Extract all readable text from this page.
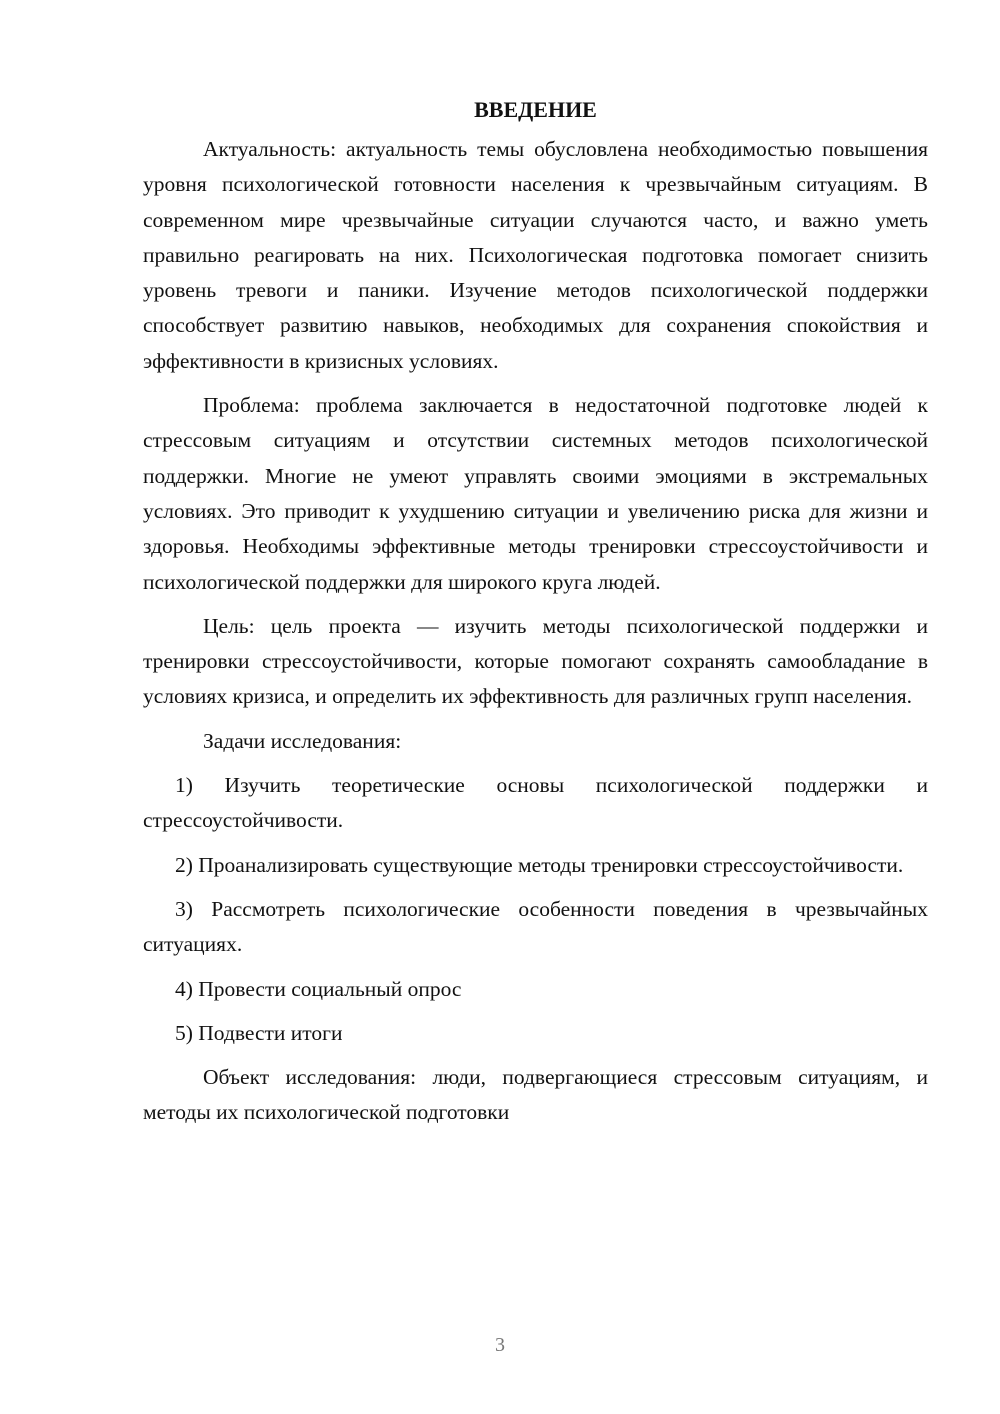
ВВЕДЕНИЕ

Актуальность: актуальность темы обусловлена необходимостью повышения уровня психологической готовности населения к чрезвычайным ситуациям. В современном мире чрезвычайные ситуации случаются часто, и важно уметь правильно реагировать на них. Психологическая подготовка помогает снизить уровень тревоги и паники. Изучение методов психологической поддержки способствует развитию навыков, необходимых для сохранения спокойствия и эффективности в кризисных условиях.

Проблема: проблема заключается в недостаточной подготовке людей к стрессовым ситуациям и отсутствии системных методов психологической поддержки. Многие не умеют управлять своими эмоциями в экстремальных условиях. Это приводит к ухудшению ситуации и увеличению риска для жизни и здоровья. Необходимы эффективные методы тренировки стрессоустойчивости и психологической поддержки для широкого круга людей.

Цель: цель проекта — изучить методы психологической поддержки и тренировки стрессоустойчивости, которые помогают сохранять самообладание в условиях кризиса, и определить их эффективность для различных групп населения.

Задачи исследования:

1) Изучить теоретические основы психологической поддержки и стрессоустойчивости.

2) Проанализировать существующие методы тренировки стрессоустойчивости.

3) Рассмотреть психологические особенности поведения в чрезвычайных ситуациях.

4) Провести социальный опрос

5) Подвести итоги

Объект исследования: люди, подвергающиеся стрессовым ситуациям, и методы их психологической подготовки

3
